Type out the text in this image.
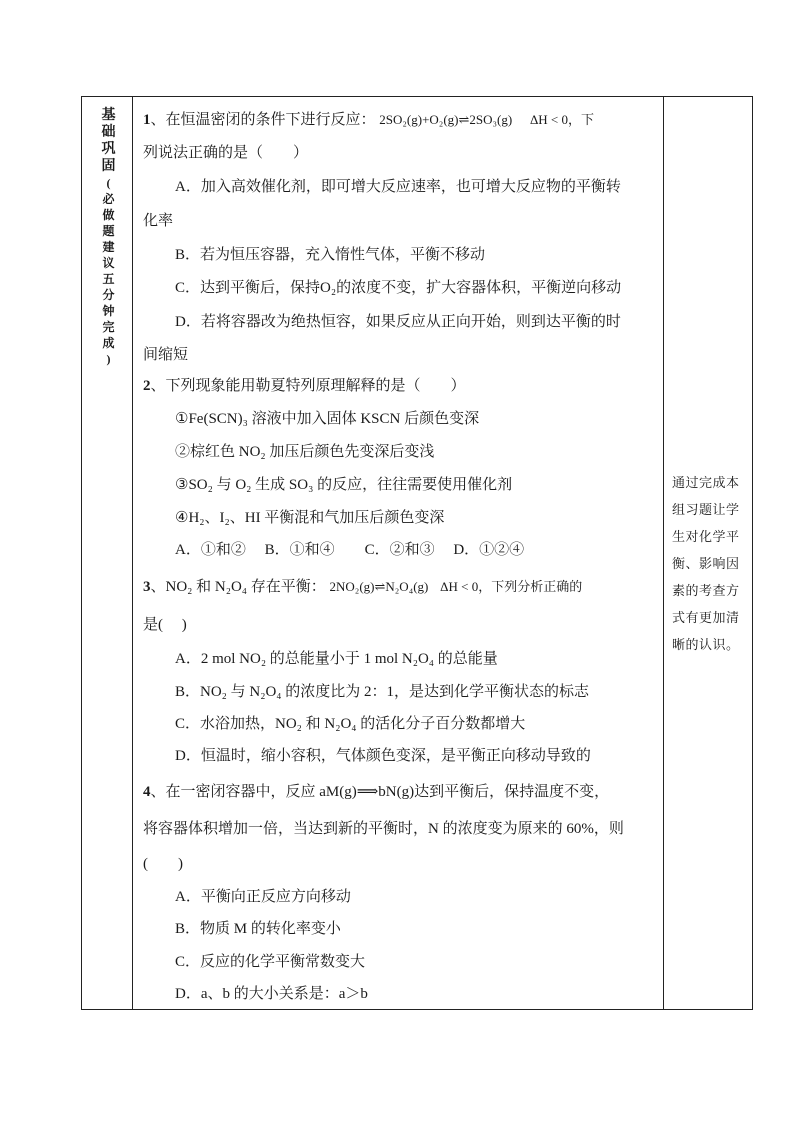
基
础
巩
固
(
必
做
题
建
议
五
分
钟
完
成
)
1、在恒温密闭的条件下进行反应： 2SO₂(g)+O₂(g)⇌2SO₃(g) ΔH < 0，下
列说法正确的是（　　）
A．加入高效催化剂，即可增大反应速率，也可增大反应物的平衡转
化率
B．若为恒压容器，充入惰性气体，平衡不移动
C．达到平衡后，保持O₂的浓度不变，扩大容器体积，平衡逆向移动
D．若将容器改为绝热恒容，如果反应从正向开始，则到达平衡的时
间缩短
2、下列现象能用勒夏特列原理解释的是（　　）
①Fe(SCN)₃ 溶液中加入固体 KSCN 后颜色变深
②棕红色 NO₂ 加压后颜色先变深后变浅
③SO₂ 与 O₂ 生成 SO₃ 的反应，往往需要使用催化剂
④H₂、I₂、HI 平衡混和气加压后颜色变深
A．①和②　 B．①和④　　C．②和③　 D．①②④
3、NO₂ 和 N₂O₄ 存在平衡： 2NO₂(g)⇌N₂O₄(g) ΔH < 0，下列分析正确的
是(　 )
A．2 mol NO₂ 的总能量小于 1 mol N₂O₄ 的总能量
B．NO₂ 与 N₂O₄ 的浓度比为 2：1，是达到化学平衡状态的标志
C．水浴加热，NO₂ 和 N₂O₄ 的活化分子百分数都增大
D．恒温时，缩小容积，气体颜色变深，是平衡正向移动导致的
4、在一密闭容器中，反应 aM(g)⟹bN(g)达到平衡后，保持温度不变，
将容器体积增加一倍，当达到新的平衡时，N 的浓度变为原来的 60%，则
(　　)
A．平衡向正反应方向移动
B．物质 M 的转化率变小
C．反应的化学平衡常数变大
D．a、b 的大小关系是：a＞b
通过完成本组习题让学生对化学平衡、影响因素的考查方式有更加清晰的认识。
